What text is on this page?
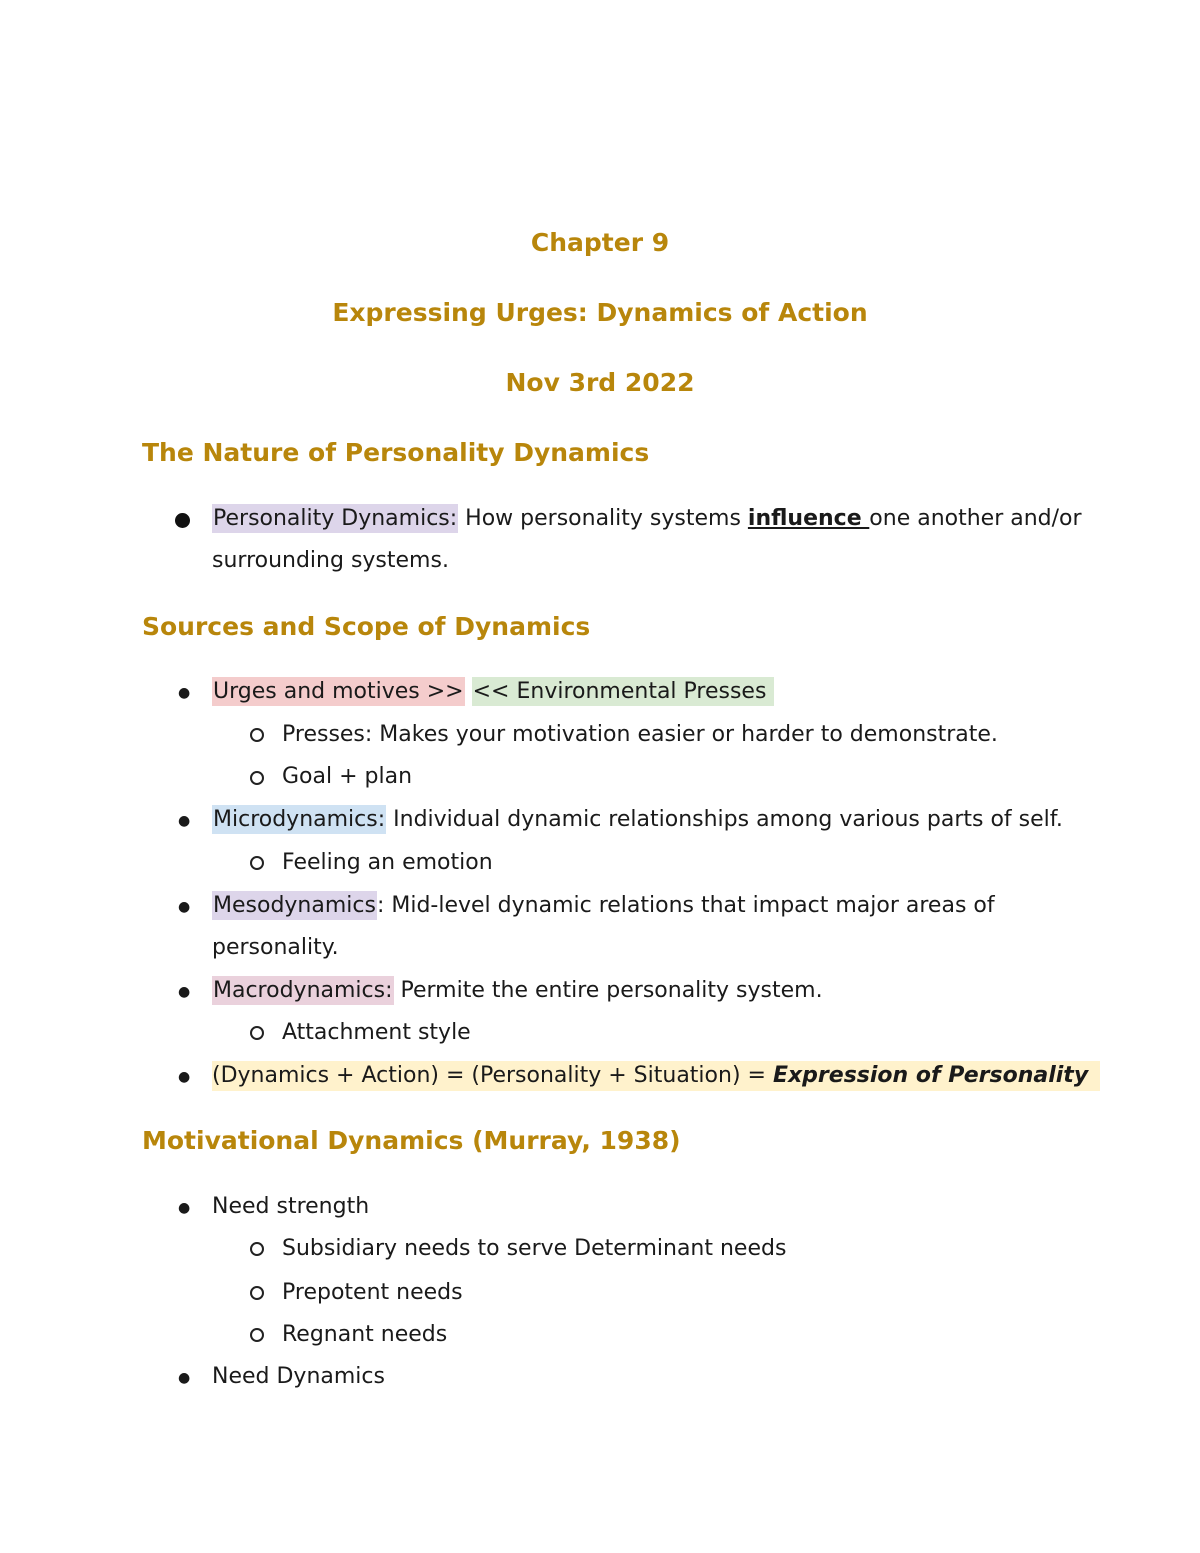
Chapter 9
Expressing Urges: Dynamics of Action
Nov 3rd 2022
The Nature of Personality Dynamics
Personality Dynamics: How personality systems influence one another and/or
surrounding systems.
Sources and Scope of Dynamics
● Urges and motives >> << Environmental Presses
Presses: Makes your motivation easier or harder to demonstrate.
Goal + plan
● Microdynamics: Individual dynamic relationships among various parts of self.
Feeling an emotion
● Mesodynamics: Mid-level dynamic relations that impact major areas of
personality.
● Macrodynamics: Permite the entire personality system.
Attachment style
● (Dynamics + Action) = (Personality + Situation) = Expression of Personality
Motivational Dynamics (Murray, 1938)
● Need strength
Subsidiary needs to serve Determinant needs
Prepotent needs
Regnant needs
● Need Dynamics
